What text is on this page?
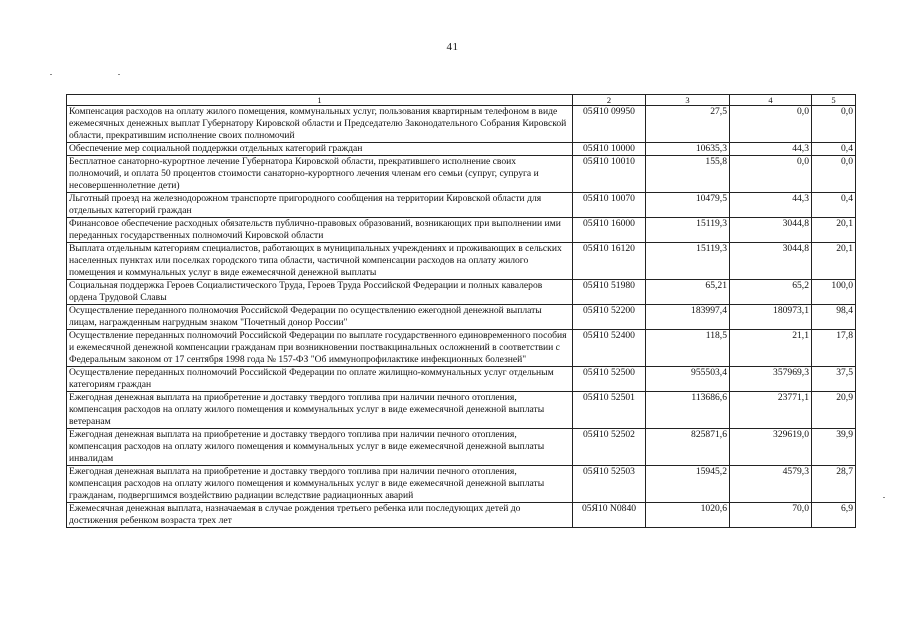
41
1	2	3	4	5
Компенсация расходов на оплату жилого помещения, коммунальных услуг, пользования квартирным телефоном в виде ежемесячных денежных выплат Губернатору Кировской области и Председателю Законодательного Собрания Кировской области, прекратившим исполнение своих полномочий	05Я10 09950	27,5	0,0	0,0
Обеспечение мер социальной поддержки отдельных категорий граждан	05Я10 10000	10635,3	44,3	0,4
Бесплатное санаторно-курортное лечение Губернатора Кировской области, прекратившего исполнение своих полномочий, и оплата 50 процентов стоимости санаторно-курортного лечения членам его семьи (супруг, супруга и несовершеннолетние дети)	05Я10 10010	155,8	0,0	0,0
Льготный проезд на железнодорожном транспорте пригородного сообщения на территории Кировской области для отдельных категорий граждан	05Я10 10070	10479,5	44,3	0,4
Финансовое обеспечение расходных обязательств публично-правовых образований, возникающих при выполнении ими переданных государственных полномочий Кировской области	05Я10 16000	15119,3	3044,8	20,1
Выплата отдельным категориям специалистов, работающих в муниципальных учреждениях и проживающих в сельских населенных пунктах или поселках городского типа области, частичной компенсации расходов на оплату жилого помещения и коммунальных услуг в виде ежемесячной денежной выплаты	05Я10 16120	15119,3	3044,8	20,1
Социальная поддержка Героев Социалистического Труда, Героев Труда Российской Федерации и полных кавалеров ордена Трудовой Славы	05Я10 51980	65,21	65,2	100,0
Осуществление переданного полномочия Российской Федерации по осуществлению ежегодной денежной выплаты лицам, награжденным нагрудным знаком "Почетный донор России"	05Я10 52200	183997,4	180973,1	98,4
Осуществление переданных полномочий Российской Федерации по выплате государственного единовременного пособия и ежемесячной денежной компенсации гражданам при возникновении поствакцинальных осложнений в соответствии с Федеральным законом от 17 сентября 1998 года № 157-ФЗ "Об иммунопрофилактике инфекционных болезней"	05Я10 52400	118,5	21,1	17,8
Осуществление переданных полномочий Российской Федерации по оплате жилищно-коммунальных услуг отдельным категориям граждан	05Я10 52500	955503,4	357969,3	37,5
Ежегодная денежная выплата на приобретение и доставку твердого топлива при наличии печного отопления, компенсация расходов на оплату жилого помещения и коммунальных услуг в виде ежемесячной денежной выплаты ветеранам	05Я10 52501	113686,6	23771,1	20,9
Ежегодная денежная выплата на приобретение и доставку твердого топлива при наличии печного отопления, компенсация расходов на оплату жилого помещения и коммунальных услуг в виде ежемесячной денежной выплаты инвалидам	05Я10 52502	825871,6	329619,0	39,9
Ежегодная денежная выплата на приобретение и доставку твердого топлива при наличии печного отопления, компенсация расходов на оплату жилого помещения и коммунальных услуг в виде ежемесячной денежной выплаты гражданам, подвергшимся воздействию радиации вследствие радиационных аварий	05Я10 52503	15945,2	4579,3	28,7
Ежемесячная денежная выплата, назначаемая в случае рождения третьего ребенка или последующих детей до достижения ребенком возраста трех лет	05Я10 N0840	1020,6	70,0	6,9
